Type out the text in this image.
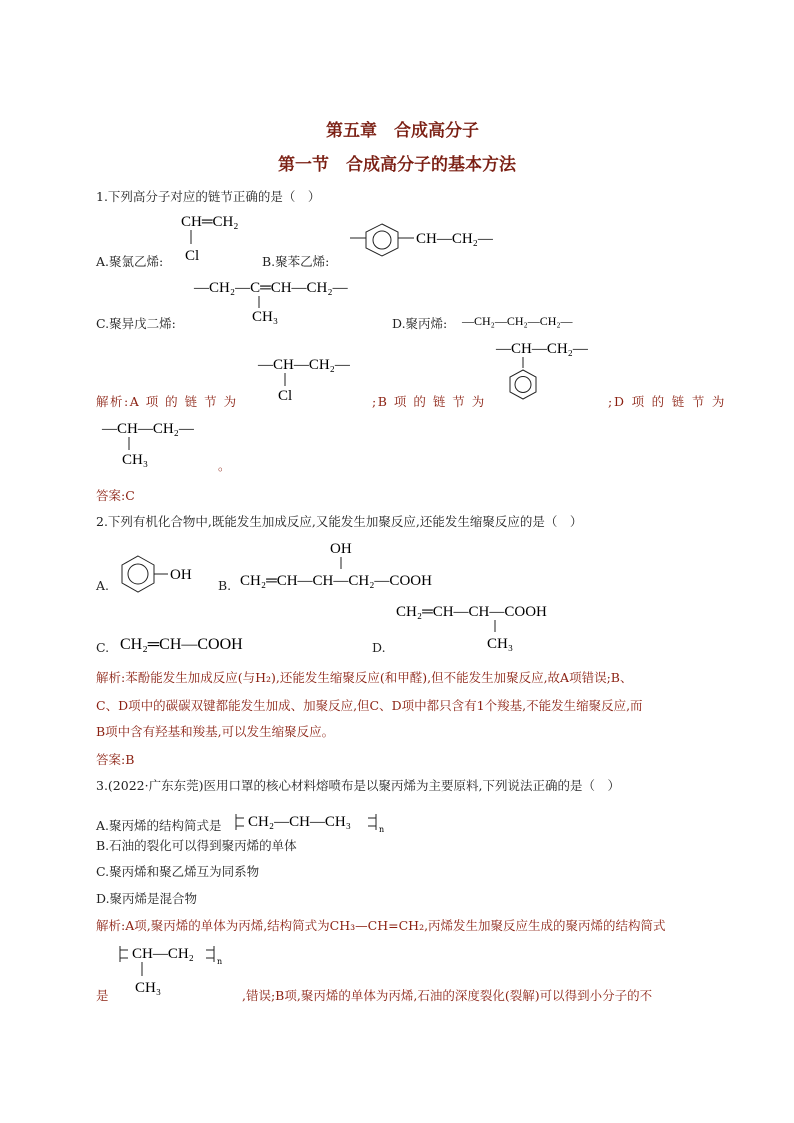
第五章　合成高分子
第一节　合成高分子的基本方法
1.下列高分子对应的链节正确的是（　）
CH═CH₂
Cl
A.聚氯乙烯:	B.聚苯乙烯:
CH—CH₂—
—CH₂—C═CH—CH₂—
CH₃
C.聚异戊二烯:	D.聚丙烯: —CH₂—CH₂—CH₂—
—CH—CH₂—
Cl
—CH—CH₂—
解析:A 项 的 链 节 为	;B 项 的 链 节 为	;D 项 的 链 节 为
—CH—CH₂—
CH₃	。
答案:C
2.下列有机化合物中,既能发生加成反应,又能发生加聚反应,还能发生缩聚反应的是（　）
A.
OH
B.
OH
CH₂═CH—CH—CH₂—COOH
CH₂═CH—CH—COOH
CH₃
C. CH₂═CH—COOH	D.
解析:苯酚能发生加成反应(与H₂),还能发生缩聚反应(和甲醛),但不能发生加聚反应,故A项错误;B、
C、D项中的碳碳双键都能发生加成、加聚反应,但C、D项中都只含有1个羧基,不能发生缩聚反应,而
B项中含有羟基和羧基,可以发生缩聚反应。
答案:B
3.(2022·广东东莞)医用口罩的核心材料熔喷布是以聚丙烯为主要原料,下列说法正确的是（　）
A.聚丙烯的结构简式是 CH₂—CH—CH₃	n
B.石油的裂化可以得到聚丙烯的单体
C.聚丙烯和聚乙烯互为同系物
D.聚丙烯是混合物
解析:A项,聚丙烯的单体为丙烯,结构简式为CH₃—CH=CH₂,丙烯发生加聚反应生成的聚丙烯的结构简式
CH—CH₂	n
CH₃
是	,错误;B项,聚丙烯的单体为丙烯,石油的深度裂化(裂解)可以得到小分子的不
